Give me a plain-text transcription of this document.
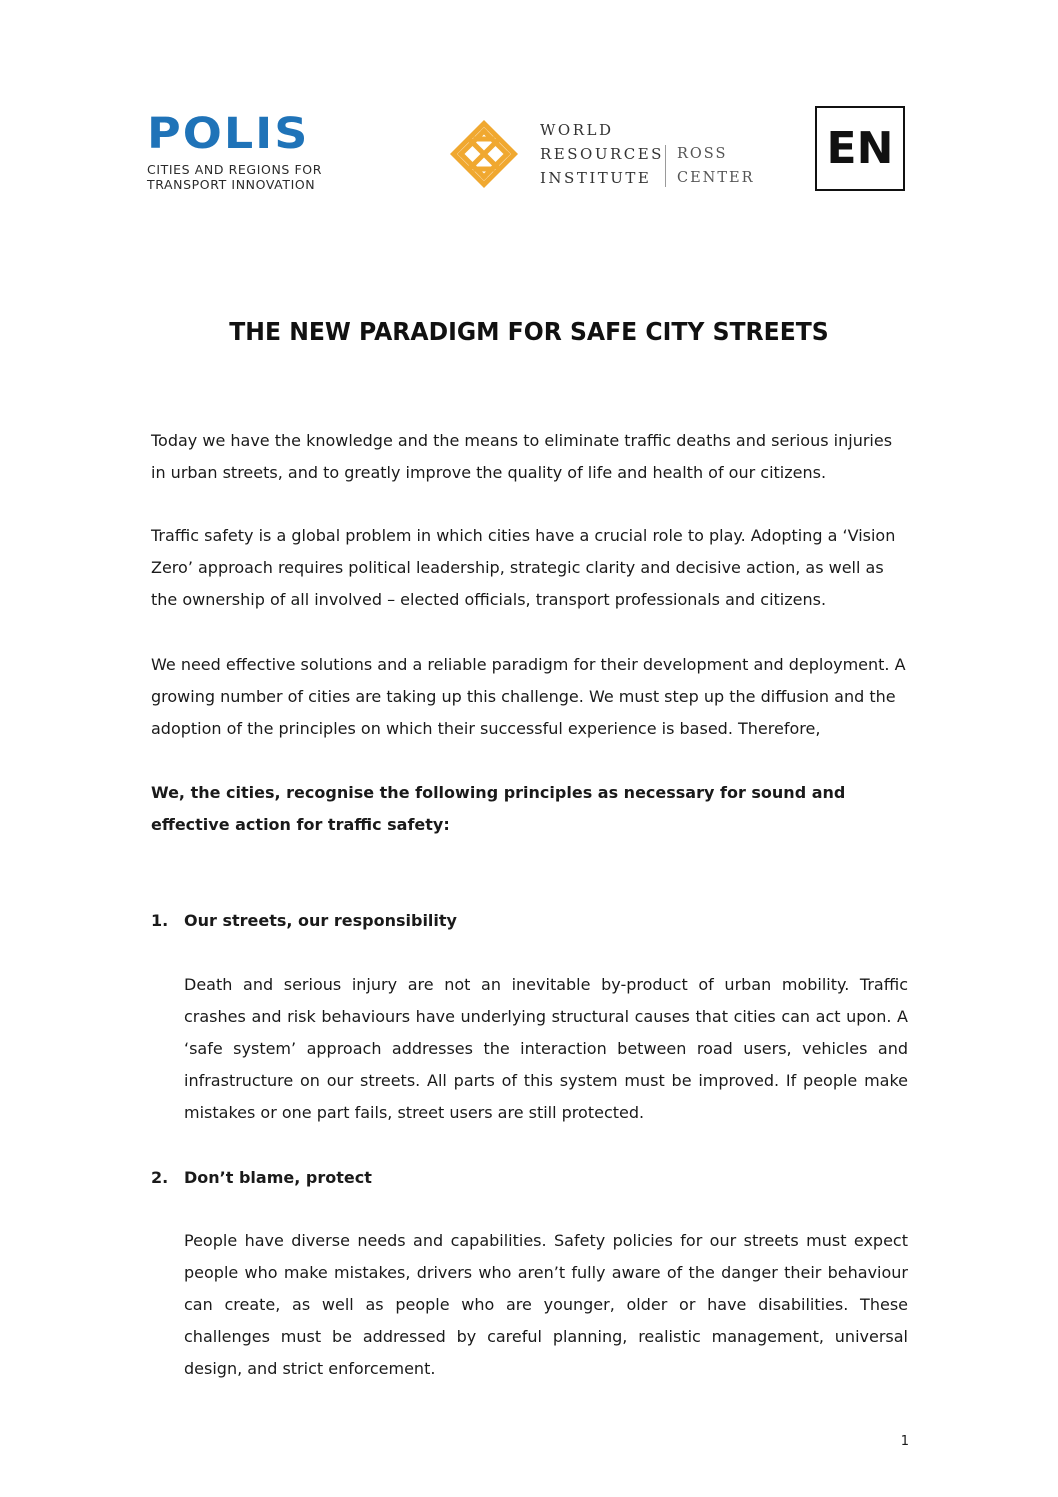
POLIS
CITIES AND REGIONS FOR
TRANSPORT INNOVATION
WORLD
RESOURCES
INSTITUTE
ROSS
CENTER
EN
THE NEW PARADIGM FOR SAFE CITY STREETS

Today we have the knowledge and the means to eliminate traffic deaths and serious injuries in urban streets, and to greatly improve the quality of life and health of our citizens.

Traffic safety is a global problem in which cities have a crucial role to play. Adopting a ‘Vision Zero’ approach requires political leadership, strategic clarity and decisive action, as well as the ownership of all involved – elected officials, transport professionals and citizens.

We need effective solutions and a reliable paradigm for their development and deployment. A growing number of cities are taking up this challenge. We must step up the diffusion and the adoption of the principles on which their successful experience is based. Therefore,

We, the cities, recognise the following principles as necessary for sound and effective action for traffic safety:

1. Our streets, our responsibility

Death and serious injury are not an inevitable by-product of urban mobility. Traffic crashes and risk behaviours have underlying structural causes that cities can act upon. A ‘safe system’ approach addresses the interaction between road users, vehicles and infrastructure on our streets. All parts of this system must be improved. If people make mistakes or one part fails, street users are still protected.

2. Don’t blame, protect

People have diverse needs and capabilities. Safety policies for our streets must expect people who make mistakes, drivers who aren’t fully aware of the danger their behaviour can create, as well as people who are younger, older or have disabilities. These challenges must be addressed by careful planning, realistic management, universal design, and strict enforcement.

1
